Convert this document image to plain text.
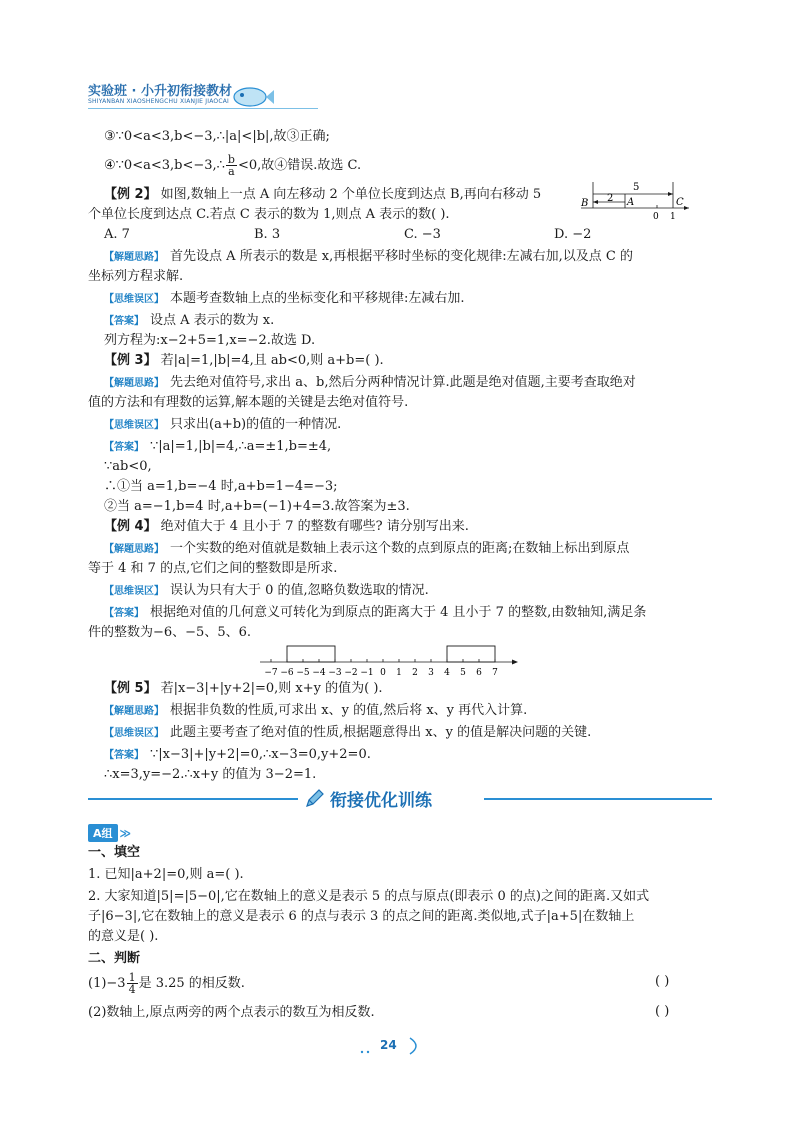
实验班 · 小升初衔接教材
SHIYANBAN XIAOSHENGCHU XIANJIE JIAOCAI
③∵0<a<3,b<−3,∴|a|<|b|,故③正确;
④∵0<a<3,b<−3,∴ $\frac{b}{a} <0$,故④错误.故选 C.
【例 2】 如图,数轴上一点 A 向左移动 2 个单位长度到达点 B,再向右移动 5
个单位长度到达点 C.若点 C 表示的数为 1,则点 A 表示的数( ).
A. 7	B. 3	C. −3	D. −2
5
2
B	A	C
0 1
【解题思路】 首先设点 A 所表示的数是 x,再根据平移时坐标的变化规律:左减右加,以及点 C 的
坐标列方程求解.
【思维误区】 本题考查数轴上点的坐标变化和平移规律:左减右加.
【答案】 设点 A 表示的数为 x.
列方程为:x−2+5=1,x=−2.故选 D.
【例 3】 若|a|=1,|b|=4,且 ab<0,则 a+b=( ).
【解题思路】 先去绝对值符号,求出 a、b,然后分两种情况计算.此题是绝对值题,主要考查取绝对
值的方法和有理数的运算,解本题的关键是去绝对值符号.
【思维误区】 只求出(a+b)的值的一种情况.
【答案】 ∵|a|=1,|b|=4,∴a=±1,b=±4,
∵ab<0,
∴①当 a=1,b=−4 时,a+b=1−4=−3;
②当 a=−1,b=4 时,a+b=(−1)+4=3.故答案为±3.
【例 4】 绝对值大于 4 且小于 7 的整数有哪些? 请分别写出来.
【解题思路】 一个实数的绝对值就是数轴上表示这个数的点到原点的距离;在数轴上标出到原点
等于 4 和 7 的点,它们之间的整数即是所求.
【思维误区】 误认为只有大于 0 的值,忽略负数选取的情况.
【答案】 根据绝对值的几何意义可转化为到原点的距离大于 4 且小于 7 的整数,由数轴知,满足条
件的整数为−6、−5、5、6.
−7 −6 −5 −4 −3 −2 −1 0 1 2 3 4 5 6 7
【例 5】 若|x−3|+|y+2|=0,则 x+y 的值为( ).
【解题思路】 根据非负数的性质,可求出 x、y 的值,然后将 x、y 再代入计算.
【思维误区】 此题主要考查了绝对值的性质,根据题意得出 x、y 的值是解决问题的关键.
【答案】 ∵|x−3|+|y+2|=0,∴x−3=0,y+2=0.
∴x=3,y=−2.∴x+y 的值为 3−2=1.
衔接优化训练
A组 ≫
一、填空
1. 已知|a+2|=0,则 a=( ).
2. 大家知道|5|=|5−0|,它在数轴上的意义是表示 5 的点与原点(即表示 0 的点)之间的距离.又如式
子|6−3|,它在数轴上的意义是表示 6 的点与表示 3 的点之间的距离.类似地,式子|a+5|在数轴上
的意义是( ).
二、判断
$(1)-3 \frac{1}{4}$ 是 3.25 的相反数.	( )
(2)数轴上,原点两旁的两个点表示的数互为相反数.	( )
24
